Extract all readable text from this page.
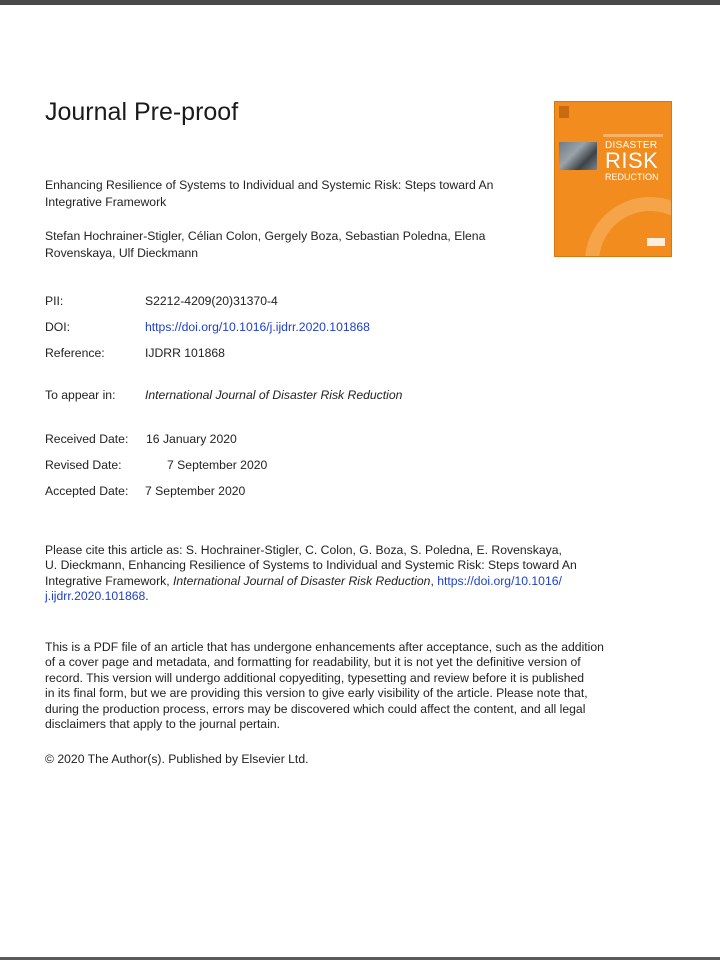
Journal Pre-proof
DISASTER
RISK
REDUCTION
Enhancing Resilience of Systems to Individual and Systemic Risk: Steps toward An
Integrative Framework
Stefan Hochrainer-Stigler, Célian Colon, Gergely Boza, Sebastian Poledna, Elena
Rovenskaya, Ulf Dieckmann
PII:	S2212-4209(20)31370-4
DOI:	https://doi.org/10.1016/j.ijdrr.2020.101868
Reference:	IJDRR 101868
To appear in: International Journal of Disaster Risk Reduction
Received Date: 16 January 2020
Revised Date:	7 September 2020
Accepted Date: 7 September 2020
Please cite this article as: S. Hochrainer-Stigler, C. Colon, G. Boza, S. Poledna, E. Rovenskaya,
U. Dieckmann, Enhancing Resilience of Systems to Individual and Systemic Risk: Steps toward An
Integrative Framework, International Journal of Disaster Risk Reduction, https://doi.org/10.1016/
j.ijdrr.2020.101868.
This is a PDF file of an article that has undergone enhancements after acceptance, such as the addition
of a cover page and metadata, and formatting for readability, but it is not yet the definitive version of
record. This version will undergo additional copyediting, typesetting and review before it is published
in its final form, but we are providing this version to give early visibility of the article. Please note that,
during the production process, errors may be discovered which could affect the content, and all legal
disclaimers that apply to the journal pertain.
© 2020 The Author(s). Published by Elsevier Ltd.
